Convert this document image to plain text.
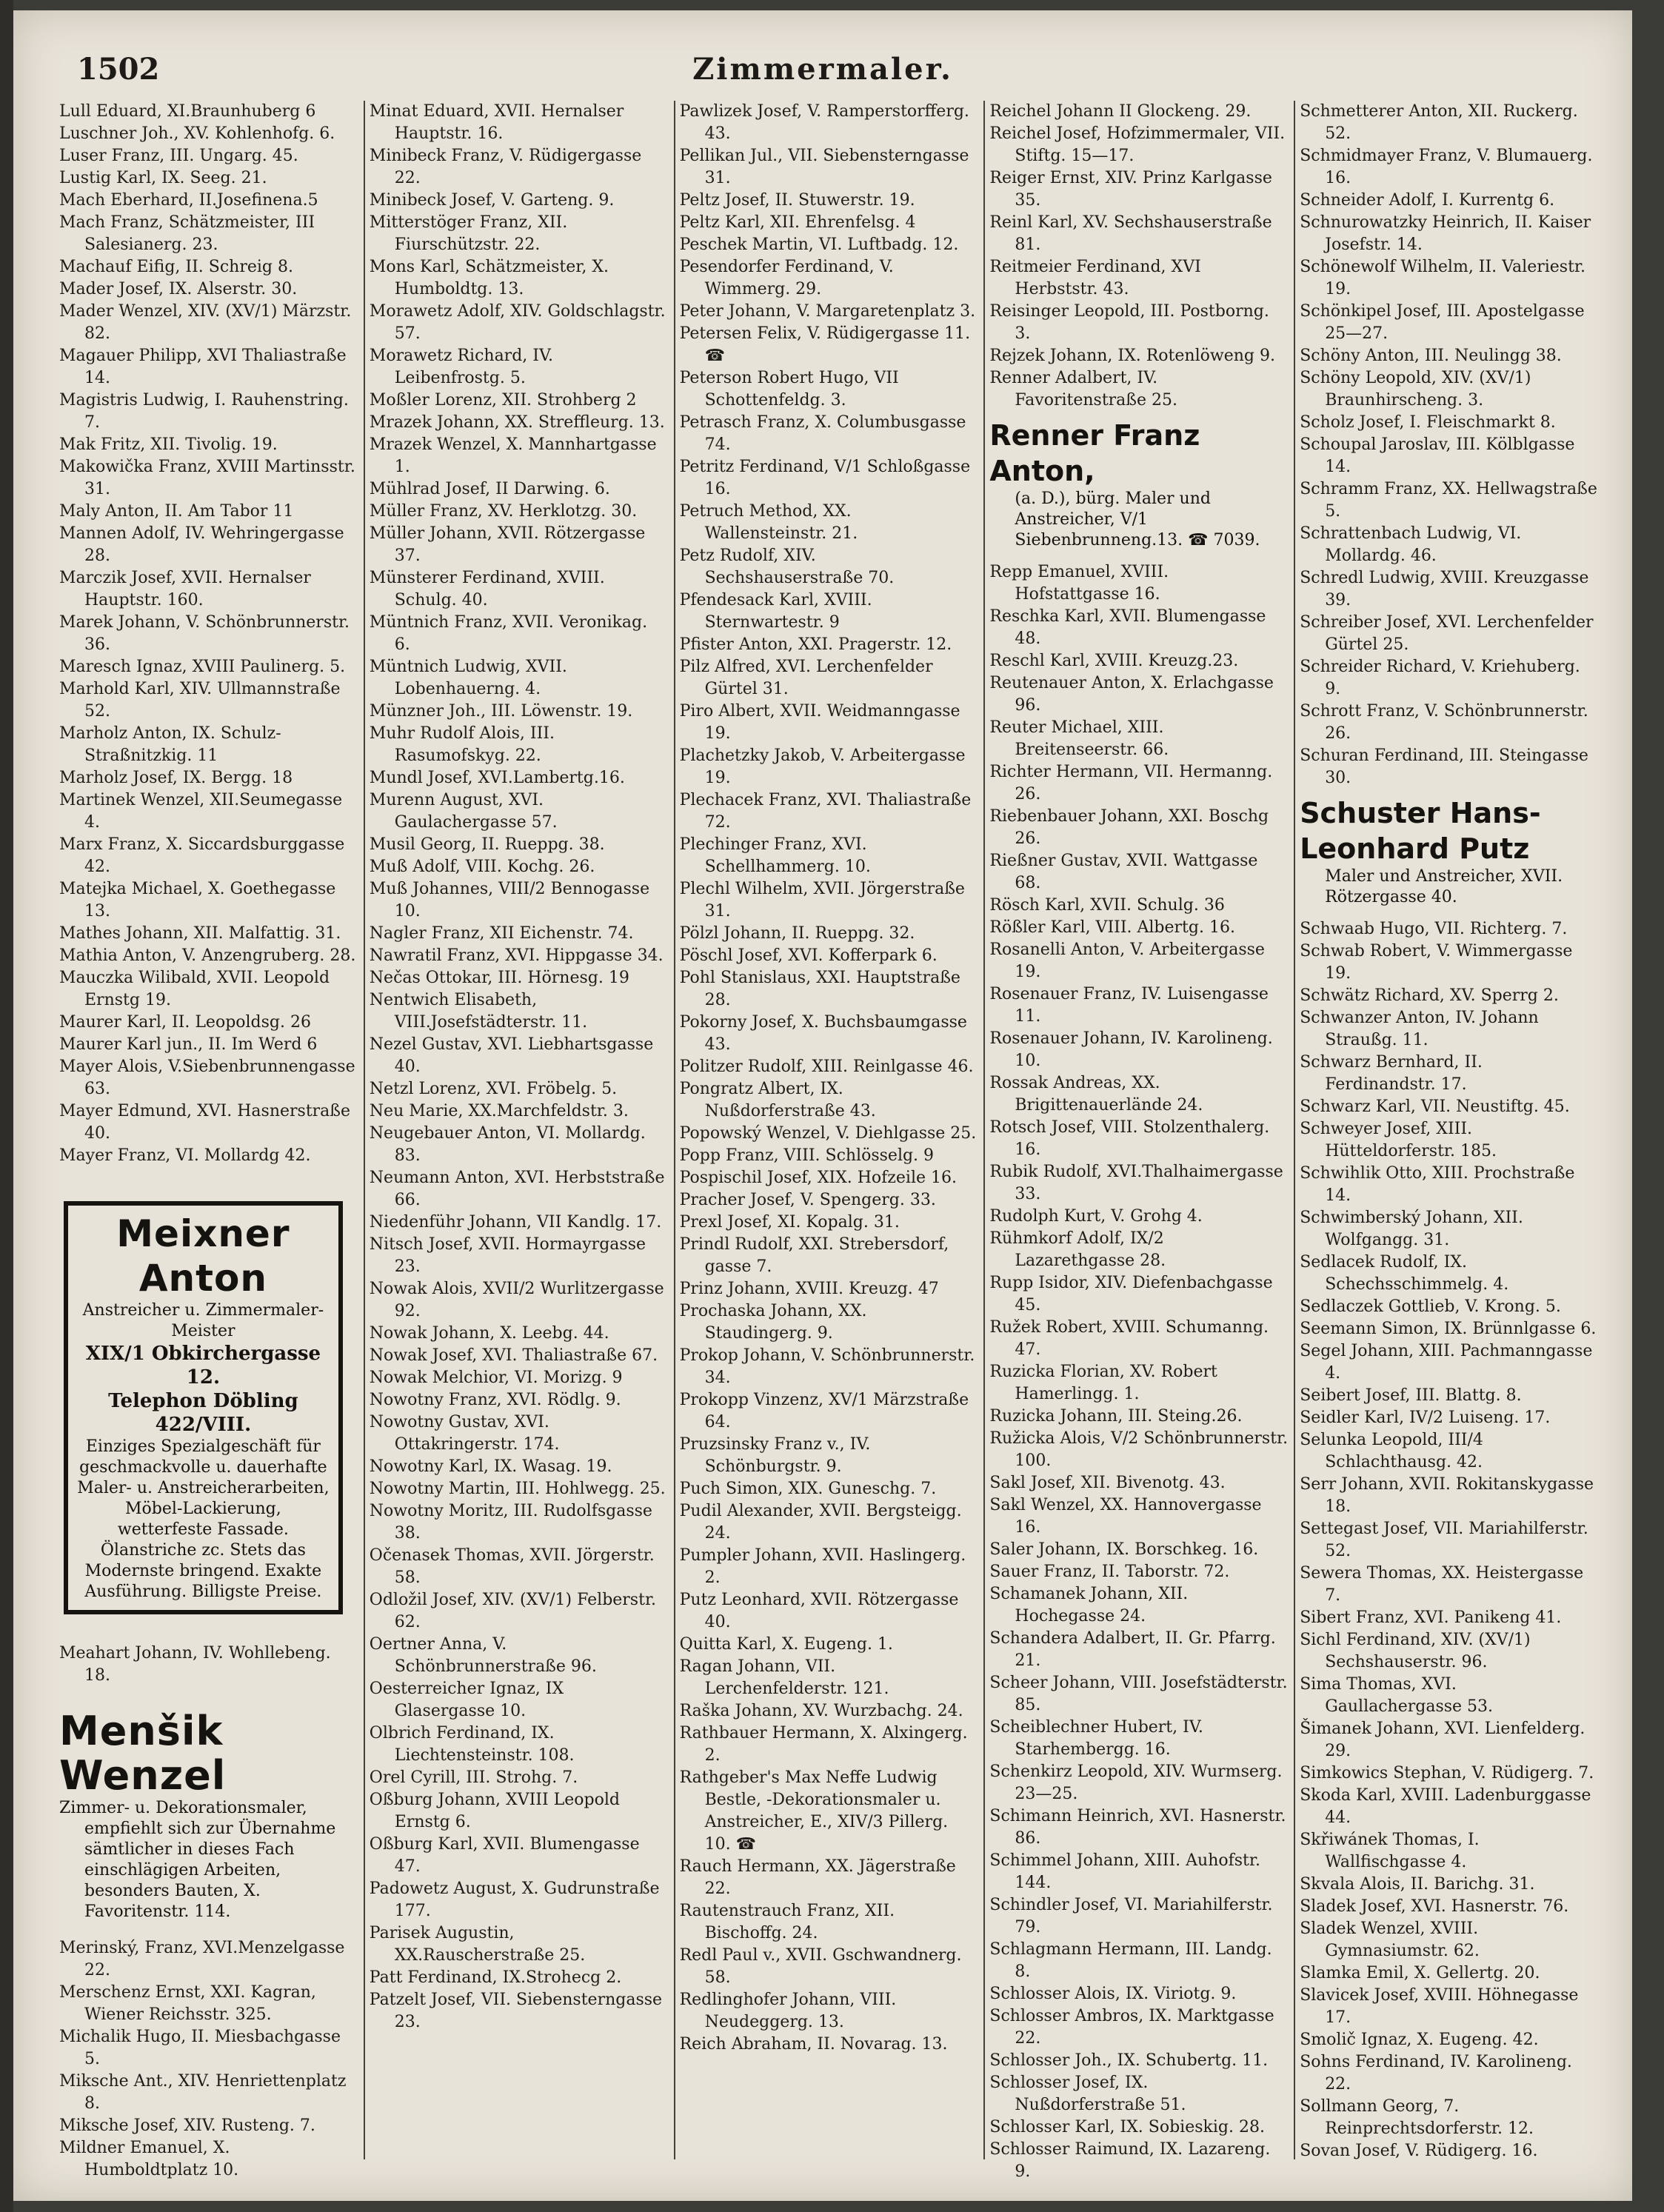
1502	Zimmermaler.
Lull Eduard, XI.Braunhuberg 6
Luschner Joh., XV. Kohlenhofg. 6.
Luser Franz, III. Ungarg. 45.
Lustig Karl, IX. Seeg. 21.
Mach Eberhard, II.Josefinena.5
Mach Franz, Schätzmeister, III Salesianerg. 23.
Machauf Eifig, II. Schreig 8.
Mader Josef, IX. Alserstr. 30.
Mader Wenzel, XIV. (XV/1) Märzstr. 82.
Magauer Philipp, XVI Thaliastraße 14.
Magistris Ludwig, I. Rauhenstring. 7.
Mak Fritz, XII. Tivolig. 19.
Makowička Franz, XVIII Martinsstr. 31.
Maly Anton, II. Am Tabor 11
Mannen Adolf, IV. Wehringergasse 28.
Marczik Josef, XVII. Hernalser Hauptstr. 160.
Marek Johann, V. Schönbrunnerstr. 36.
Maresch Ignaz, XVIII Paulinerg. 5.
Marhold Karl, XIV. Ullmannstraße 52.
Marholz Anton, IX. Schulz-Straßnitzkig. 11
Marholz Josef, IX. Bergg. 18
Martinek Wenzel, XII.Seumegasse 4.
Marx Franz, X. Siccardsburggasse 42.
Matejka Michael, X. Goethegasse 13.
Mathes Johann, XII. Malfattig. 31.
Mathia Anton, V. Anzengruberg. 28.
Mauczka Wilibald, XVII. Leopold Ernstg 19.
Maurer Karl, II. Leopoldsg. 26
Maurer Karl jun., II. Im Werd 6
Mayer Alois, V.Siebenbrunnengasse 63.
Mayer Edmund, XVI. Hasnerstraße 40.
Mayer Franz, VI. Mollardg 42.
Meixner Anton
Anstreicher u. Zimmermaler-Meister
XIX/1 Obkirchergasse 12.
Telephon Döbling 422/VIII.
Einziges Spezialgeschäft für geschmackvolle u. dauerhafte Maler- u. Anstreicherarbeiten, Möbel-Lackierung, wetterfeste Fassade. Ölanstriche zc. Stets das Modernste bringend. Exakte Ausführung. Billigste Preise.
Meahart Johann, IV. Wohllebeng. 18.
Menšik Wenzel
Zimmer- u. Dekorationsmaler, empfiehlt sich zur Übernahme sämtlicher in dieses Fach einschlägigen Arbeiten, besonders Bauten, X. Favoritenstr. 114.
Merinský, Franz, XVI.Menzelgasse 22.
Merschenz Ernst, XXI. Kagran, Wiener Reichsstr. 325.
Michalik Hugo, II. Miesbachgasse 5.
Miksche Ant., XIV. Henriettenplatz 8.
Miksche Josef, XIV. Rusteng. 7.
Mildner Emanuel, X. Humboldtplatz 10.
Minat Eduard, XVII. Hernalser Hauptstr. 16.
Minibeck Franz, V. Rüdigergasse 22.
Minibeck Josef, V. Garteng. 9.
Mitterstöger Franz, XII. Fiurschützstr. 22.
Mons Karl, Schätzmeister, X. Humboldtg. 13.
Morawetz Adolf, XIV. Goldschlagstr. 57.
Morawetz Richard, IV. Leibenfrostg. 5.
Moßler Lorenz, XII. Strohberg 2
Mrazek Johann, XX. Streffleurg. 13.
Mrazek Wenzel, X. Mannhartgasse 1.
Mühlrad Josef, II Darwing. 6.
Müller Franz, XV. Herklotzg. 30.
Müller Johann, XVII. Rötzergasse 37.
Münsterer Ferdinand, XVIII. Schulg. 40.
Müntnich Franz, XVII. Veronikag. 6.
Müntnich Ludwig, XVII. Lobenhauerng. 4.
Münzner Joh., III. Löwenstr. 19.
Muhr Rudolf Alois, III. Rasumofskyg. 22.
Mundl Josef, XVI.Lambertg.16.
Murenn August, XVI. Gaulachergasse 57.
Musil Georg, II. Rueppg. 38.
Muß Adolf, VIII. Kochg. 26.
Muß Johannes, VIII/2 Bennogasse 10.
Nagler Franz, XII Eichenstr. 74.
Nawratil Franz, XVI. Hippgasse 34.
Nečas Ottokar, III. Hörnesg. 19
Nentwich Elisabeth, VIII.Josefstädterstr. 11.
Nezel Gustav, XVI. Liebhartsgasse 40.
Netzl Lorenz, XVI. Fröbelg. 5.
Neu Marie, XX.Marchfeldstr. 3.
Neugebauer Anton, VI. Mollardg. 83.
Neumann Anton, XVI. Herbststraße 66.
Niedenführ Johann, VII Kandlg. 17.
Nitsch Josef, XVII. Hormayrgasse 23.
Nowak Alois, XVII/2 Wurlitzergasse 92.
Nowak Johann, X. Leebg. 44.
Nowak Josef, XVI. Thaliastraße 67.
Nowak Melchior, VI. Morizg. 9
Nowotny Franz, XVI. Rödlg. 9.
Nowotny Gustav, XVI. Ottakringerstr. 174.
Nowotny Karl, IX. Wasag. 19.
Nowotny Martin, III. Hohlwegg. 25.
Nowotny Moritz, III. Rudolfsgasse 38.
Očenasek Thomas, XVII. Jörgerstr. 58.
Odložil Josef, XIV. (XV/1) Felberstr. 62.
Oertner Anna, V. Schönbrunnerstraße 96.
Oesterreicher Ignaz, IX Glasergasse 10.
Olbrich Ferdinand, IX. Liechtensteinstr. 108.
Orel Cyrill, III. Strohg. 7.
Oßburg Johann, XVIII Leopold Ernstg 6.
Oßburg Karl, XVII. Blumengasse 47.
Padowetz August, X. Gudrunstraße 177.
Parisek Augustin, XX.Rauscherstraße 25.
Patt Ferdinand, IX.Strohecg 2.
Patzelt Josef, VII. Siebensterngasse 23.
Pawlizek Josef, V. Ramperstorfferg. 43.
Pellikan Jul., VII. Siebensterngasse 31.
Peltz Josef, II. Stuwerstr. 19.
Peltz Karl, XII. Ehrenfelsg. 4
Peschek Martin, VI. Luftbadg. 12.
Pesendorfer Ferdinand, V. Wimmerg. 29.
Peter Johann, V. Margaretenplatz 3.
Petersen Felix, V. Rüdigergasse 11. ☎
Peterson Robert Hugo, VII Schottenfeldg. 3.
Petrasch Franz, X. Columbusgasse 74.
Petritz Ferdinand, V/1 Schloßgasse 16.
Petruch Method, XX. Wallensteinstr. 21.
Petz Rudolf, XIV. Sechshauserstraße 70.
Pfendesack Karl, XVIII. Sternwartestr. 9
Pfister Anton, XXI. Pragerstr. 12.
Pilz Alfred, XVI. Lerchenfelder Gürtel 31.
Piro Albert, XVII. Weidmanngasse 19.
Plachetzky Jakob, V. Arbeitergasse 19.
Plechacek Franz, XVI. Thaliastraße 72.
Plechinger Franz, XVI. Schellhammerg. 10.
Plechl Wilhelm, XVII. Jörgerstraße 31.
Pölzl Johann, II. Rueppg. 32.
Pöschl Josef, XVI. Kofferpark 6.
Pohl Stanislaus, XXI. Hauptstraße 28.
Pokorny Josef, X. Buchsbaumgasse 43.
Politzer Rudolf, XIII. Reinlgasse 46.
Pongratz Albert, IX. Nußdorferstraße 43.
Popowský Wenzel, V. Diehlgasse 25.
Popp Franz, VIII. Schlösselg. 9
Pospischil Josef, XIX. Hofzeile 16.
Pracher Josef, V. Spengerg. 33.
Prexl Josef, XI. Kopalg. 31.
Prindl Rudolf, XXI. Strebersdorf, gasse 7.
Prinz Johann, XVIII. Kreuzg. 47
Prochaska Johann, XX. Staudingerg. 9.
Prokop Johann, V. Schönbrunnerstr. 34.
Prokopp Vinzenz, XV/1 Märzstraße 64.
Pruzsinsky Franz v., IV. Schönburgstr. 9.
Puch Simon, XIX. Guneschg. 7.
Pudil Alexander, XVII. Bergsteigg. 24.
Pumpler Johann, XVII. Haslingerg. 2.
Putz Leonhard, XVII. Rötzergasse 40.
Quitta Karl, X. Eugeng. 1.
Ragan Johann, VII. Lerchenfelderstr. 121.
Raška Johann, XV. Wurzbachg. 24.
Rathbauer Hermann, X. Alxingerg. 2.
Rathgeber's Max Neffe Ludwig Bestle, -Dekorationsmaler u. Anstreicher, E., XIV/3 Pillerg. 10. ☎
Rauch Hermann, XX. Jägerstraße 22.
Rautenstrauch Franz, XII. Bischoffg. 24.
Redl Paul v., XVII. Gschwandnerg. 58.
Redlinghofer Johann, VIII. Neudeggerg. 13.
Reich Abraham, II. Novarag. 13.
Reichel Johann II Glockeng. 29.
Reichel Josef, Hofzimmermaler, VII. Stiftg. 15—17.
Reiger Ernst, XIV. Prinz Karlgasse 35.
Reinl Karl, XV. Sechshauserstraße 81.
Reitmeier Ferdinand, XVI Herbststr. 43.
Reisinger Leopold, III. Postborng. 3.
Rejzek Johann, IX. Rotenlöweng 9.
Renner Adalbert, IV. Favoritenstraße 25.
Renner Franz Anton,
(a. D.), bürg. Maler und Anstreicher, V/1 Siebenbrunneng.13. ☎ 7039.
Repp Emanuel, XVIII. Hofstattgasse 16.
Reschka Karl, XVII. Blumengasse 48.
Reschl Karl, XVIII. Kreuzg.23.
Reutenauer Anton, X. Erlachgasse 96.
Reuter Michael, XIII. Breitenseerstr. 66.
Richter Hermann, VII. Hermanng. 26.
Riebenbauer Johann, XXI. Boschg 26.
Rießner Gustav, XVII. Wattgasse 68.
Rösch Karl, XVII. Schulg. 36
Rößler Karl, VIII. Albertg. 16.
Rosanelli Anton, V. Arbeitergasse 19.
Rosenauer Franz, IV. Luisengasse 11.
Rosenauer Johann, IV. Karolineng. 10.
Rossak Andreas, XX. Brigittenauerlände 24.
Rotsch Josef, VIII. Stolzenthalerg. 16.
Rubik Rudolf, XVI.Thalhaimergasse 33.
Rudolph Kurt, V. Grohg 4.
Rühmkorf Adolf, IX/2 Lazarethgasse 28.
Rupp Isidor, XIV. Diefenbachgasse 45.
Ružek Robert, XVIII. Schumanng. 47.
Ruzicka Florian, XV. Robert Hamerlingg. 1.
Ruzicka Johann, III. Steing.26.
Ružicka Alois, V/2 Schönbrunnerstr. 100.
Sakl Josef, XII. Bivenotg. 43.
Sakl Wenzel, XX. Hannovergasse 16.
Saler Johann, IX. Borschkeg. 16.
Sauer Franz, II. Taborstr. 72.
Schamanek Johann, XII. Hochegasse 24.
Schandera Adalbert, II. Gr. Pfarrg. 21.
Scheer Johann, VIII. Josefstädterstr. 85.
Scheiblechner Hubert, IV. Starhembergg. 16.
Schenkirz Leopold, XIV. Wurmserg. 23—25.
Schimann Heinrich, XVI. Hasnerstr. 86.
Schimmel Johann, XIII. Auhofstr. 144.
Schindler Josef, VI. Mariahilferstr. 79.
Schlagmann Hermann, III. Landg. 8.
Schlosser Alois, IX. Viriotg. 9.
Schlosser Ambros, IX. Marktgasse 22.
Schlosser Joh., IX. Schubertg. 11.
Schlosser Josef, IX. Nußdorferstraße 51.
Schlosser Karl, IX. Sobieskig. 28.
Schlosser Raimund, IX. Lazareng. 9.
Schmetterer Anton, XII. Ruckerg. 52.
Schmidmayer Franz, V. Blumauerg. 16.
Schneider Adolf, I. Kurrentg 6.
Schnurowatzky Heinrich, II. Kaiser Josefstr. 14.
Schönewolf Wilhelm, II. Valeriestr. 19.
Schönkipel Josef, III. Apostelgasse 25—27.
Schöny Anton, III. Neulingg 38.
Schöny Leopold, XIV. (XV/1) Braunhirscheng. 3.
Scholz Josef, I. Fleischmarkt 8.
Schoupal Jaroslav, III. Kölblgasse 14.
Schramm Franz, XX. Hellwagstraße 5.
Schrattenbach Ludwig, VI. Mollardg. 46.
Schredl Ludwig, XVIII. Kreuzgasse 39.
Schreiber Josef, XVI. Lerchenfelder Gürtel 25.
Schreider Richard, V. Kriehuberg. 9.
Schrott Franz, V. Schönbrunnerstr. 26.
Schuran Ferdinand, III. Steingasse 30.
Schuster Hans-Leonhard Putz
Maler und Anstreicher, XVII. Rötzergasse 40.
Schwaab Hugo, VII. Richterg. 7.
Schwab Robert, V. Wimmergasse 19.
Schwätz Richard, XV. Sperrg 2.
Schwanzer Anton, IV. Johann Straußg. 11.
Schwarz Bernhard, II. Ferdinandstr. 17.
Schwarz Karl, VII. Neustiftg. 45.
Schweyer Josef, XIII. Hütteldorferstr. 185.
Schwihlik Otto, XIII. Prochstraße 14.
Schwimberský Johann, XII. Wolfgangg. 31.
Sedlacek Rudolf, IX. Schechsschimmelg. 4.
Sedlaczek Gottlieb, V. Krong. 5.
Seemann Simon, IX. Brünnlgasse 6.
Segel Johann, XIII. Pachmanngasse 4.
Seibert Josef, III. Blattg. 8.
Seidler Karl, IV/2 Luiseng. 17.
Selunka Leopold, III/4 Schlachthausg. 42.
Serr Johann, XVII. Rokitanskygasse 18.
Settegast Josef, VII. Mariahilferstr. 52.
Sewera Thomas, XX. Heistergasse 7.
Sibert Franz, XVI. Panikeng 41.
Sichl Ferdinand, XIV. (XV/1) Sechshauserstr. 96.
Sima Thomas, XVI. Gaullachergasse 53.
Šimanek Johann, XVI. Lienfelderg. 29.
Simkowics Stephan, V. Rüdigerg. 7.
Skoda Karl, XVIII. Ladenburggasse 44.
Skřiwánek Thomas, I. Wallfischgasse 4.
Skvala Alois, II. Barichg. 31.
Sladek Josef, XVI. Hasnerstr. 76.
Sladek Wenzel, XVIII. Gymnasiumstr. 62.
Slamka Emil, X. Gellertg. 20.
Slavicek Josef, XVIII. Höhnegasse 17.
Smolič Ignaz, X. Eugeng. 42.
Sohns Ferdinand, IV. Karolineng. 22.
Sollmann Georg, 7. Reinprechtsdorferstr. 12.
Sovan Josef, V. Rüdigerg. 16.
